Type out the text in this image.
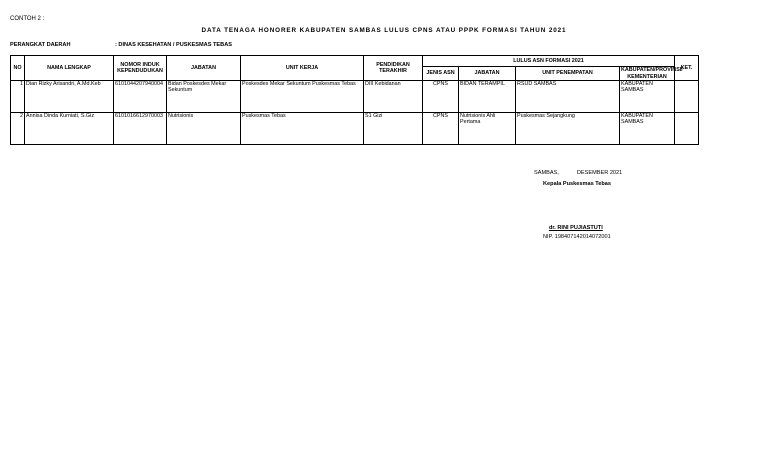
CONTOH 2 :
DATA TENAGA HONORER KABUPATEN SAMBAS LULUS CPNS ATAU PPPK FORMASI TAHUN 2021
PERANGKAT DAERAH	: DINAS KESEHATAN / PUSKESMAS TEBAS
NO	NAMA LENGKAP	NOMOR INDUK KEPENDUDUKAN	JABATAN	UNIT KERJA	PENDIDIKAN TERAKHIR	LULUS ASN FORMASI 2021				KET.
						JENIS ASN	JABATAN	UNIT PENEMPATAN	KABUPATEN/PROVINSI/ KEMENTERIAN	
1	Dian Rizky Arisandri, A.Md.Keb	6101044207940004	Bidan Poskesdes Mekar Sekuntum	Poskesdes Mekar Sekuntum Puskesmas Tebas	DIII Kebidanan	CPNS	BIDAN TERAMPIL	RSUD SAMBAS	KABUPATEN SAMBAS	
2	Annisa Dinda Kurniati, S.Giz	6101016612970003	Nutrisionis	Puskesmas Tebas	S1 Gizi	CPNS	Nutrisionis Ahli Pertama	Puskesmas Sejangkung	KABUPATEN SAMBAS	
SAMBAS,	DESEMBER 2021
Kepala Puskesmas Tebas
dr. RINI PUJIASTUTI
NIP. 198407142014072001
